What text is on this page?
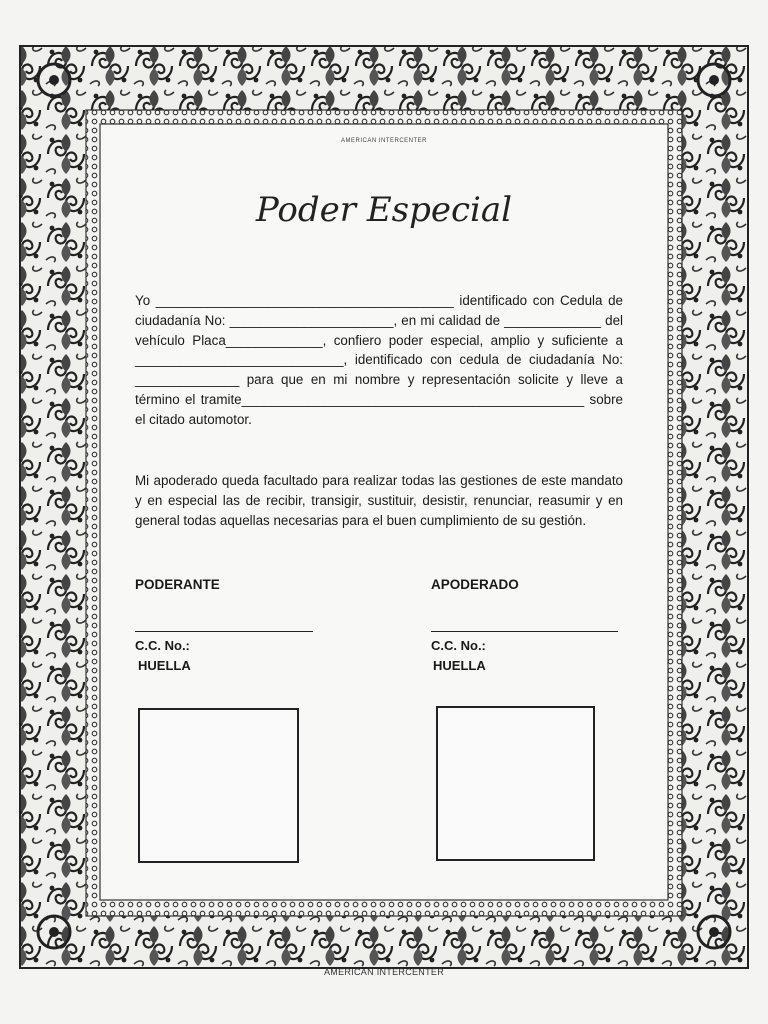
AMERICAN INTERCENTER
Poder Especial

Yo ________________________________________ identificado con Cedula de ciudadanía No: ______________________, en mi calidad de _____________ del vehículo Placa_____________, confiero poder especial, amplio y suficiente a ____________________________, identificado con cedula de ciudadanía No: ______________ para que en mi nombre y representación solicite y lleve a término el tramite______________________________________________ sobre el citado automotor.

Mi apoderado queda facultado para realizar todas las gestiones de este mandato y en especial las de recibir, transigir, sustituir, desistir, renunciar, reasumir y en general todas aquellas necesarias para el buen cumplimiento de su gestión.

PODERANTE
C.C. No.:
HUELLA
APODERADO
C.C. No.:
HUELLA
AMERICAN INTERCENTER
